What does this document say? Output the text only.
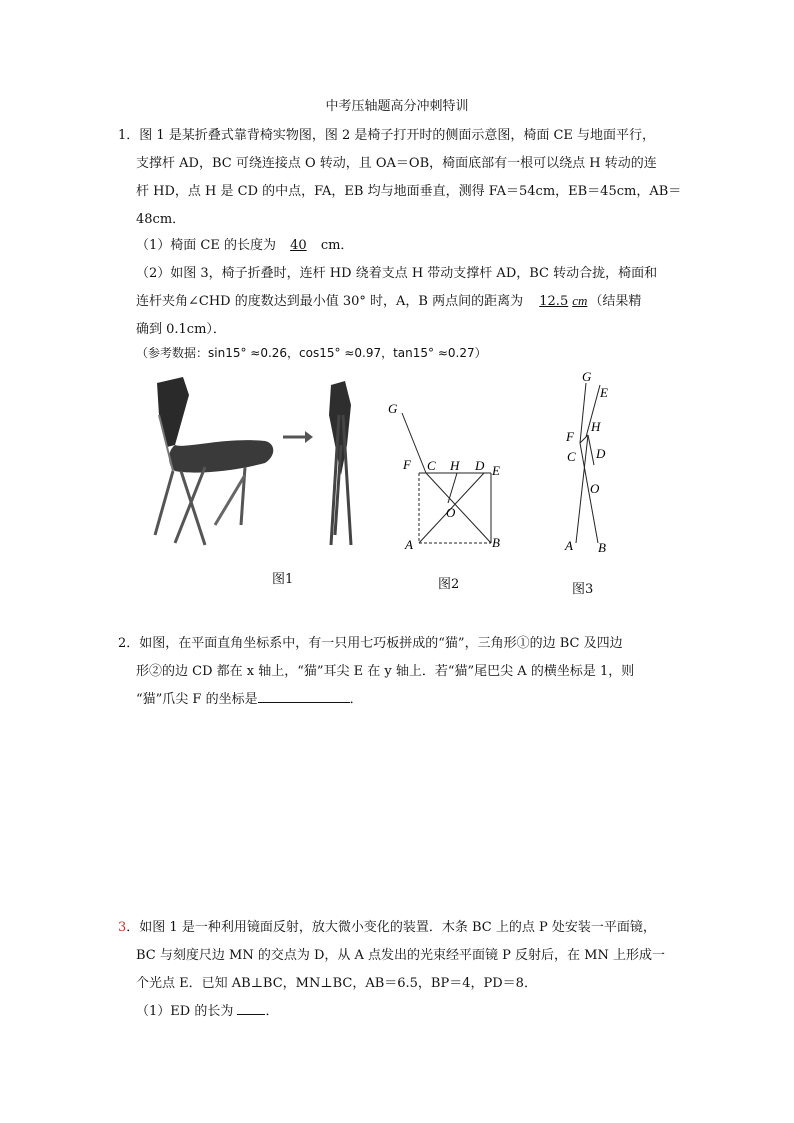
中考压轴题高分冲刺特训
1．图 1 是某折叠式靠背椅实物图，图 2 是椅子打开时的侧面示意图，椅面 CE 与地面平行，
支撑杆 AD，BC 可绕连接点 O 转动，且 OA＝OB，椅面底部有一根可以绕点 H 转动的连
杆 HD，点 H 是 CD 的中点，FA，EB 均与地面垂直，测得 FA＝54cm，EB＝45cm，AB＝
48cm．
（1）椅面 CE 的长度为 40 cm．
（2）如图 3，椅子折叠时，连杆 HD 绕着支点 H 带动支撑杆 AD，BC 转动合拢，椅面和
连杆夹角∠CHD 的度数达到最小值 30° 时，A，B 两点间的距离为 12.5 cm （结果精
确到 0.1cm）．
（参考数据：sin15° ≈0.26，cos15° ≈0.97，tan15° ≈0.27）
G
F C H D E
O
A	B
G
E
F
H
C D
O
A B
图1	图2	图3
2．如图，在平面直角坐标系中，有一只用七巧板拼成的“猫”，三角形①的边 BC 及四边
形②的边 CD 都在 x 轴上，“猫”耳尖 E 在 y 轴上．若“猫”尾巴尖 A 的横坐标是 1，则
“猫”爪尖 F 的坐标是	．
3．如图 1 是一种利用镜面反射，放大微小变化的装置．木条 BC 上的点 P 处安装一平面镜，
BC 与刻度尺边 MN 的交点为 D，从 A 点发出的光束经平面镜 P 反射后，在 MN 上形成一
个光点 E．已知 AB⊥BC，MN⊥BC，AB＝6.5，BP＝4，PD＝8．
（1）ED 的长为 ．
